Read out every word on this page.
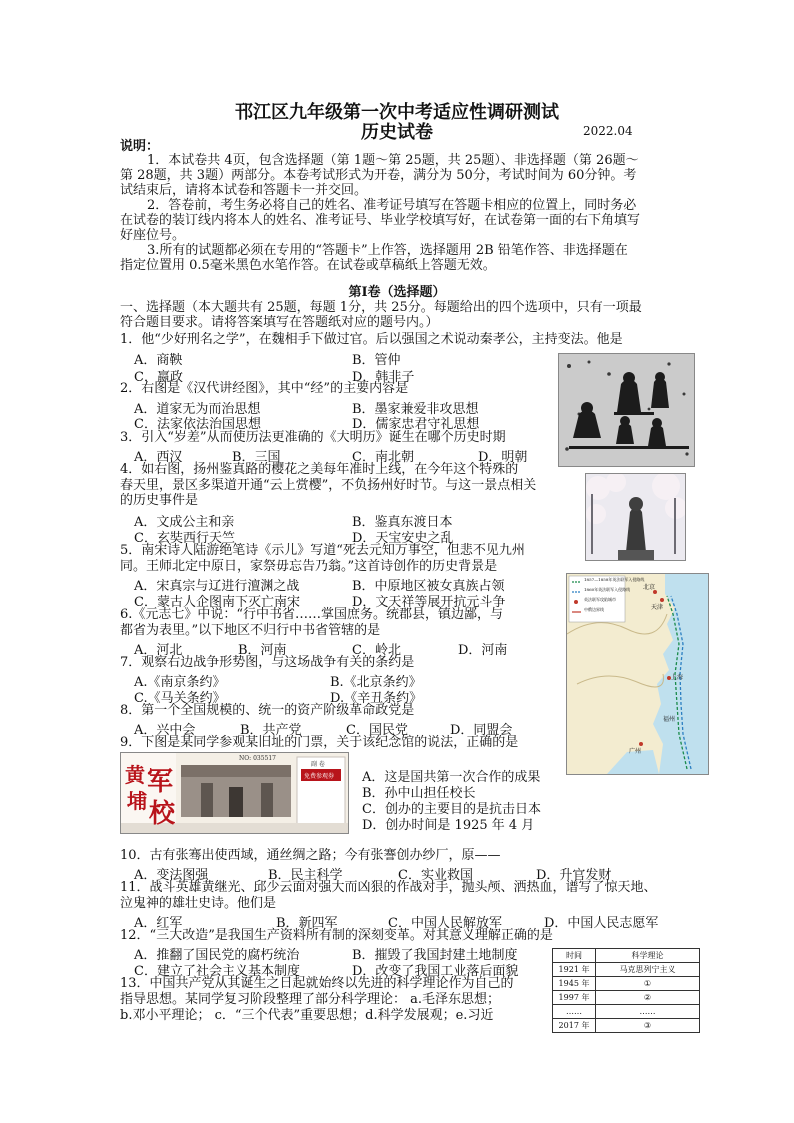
邗江区九年级第一次中考适应性调研测试
历史试卷	2022.04
说明：
1．本试卷共 4页，包含选择题（第 1题～第 25题，共 25题）、非选择题（第 26题～
第 28题，共 3题）两部分。本卷考试形式为开卷，满分为 50分，考试时间为 60分钟。考
试结束后，请将本试卷和答题卡一并交回。
2．答卷前，考生务必将自己的姓名、准考证号填写在答题卡相应的位置上，同时务必
在试卷的装订线内将本人的姓名、准考证号、毕业学校填写好，在试卷第一面的右下角填写
好座位号。
3.所有的试题都必须在专用的“答题卡”上作答，选择题用 2B 铅笔作答、非选择题在
指定位置用 0.5毫米黑色水笔作答。在试卷或草稿纸上答题无效。
第Ⅰ卷（选择题）
一、选择题（本大题共有 25题，每题 1分，共 25分。每题给出的四个选项中，只有一项最
符合题目要求。请将答案填写在答题纸对应的题号内。）
1．他“少好刑名之学”，在魏相手下做过官。后以强国之术说动秦孝公，主持变法。他是
A．商鞅	B．管仲
C．嬴政	D．韩非子
2．右图是《汉代讲经图》，其中“经”的主要内容是
A．道家无为而治思想	B．墨家兼爱非攻思想
C．法家依法治国思想	D．儒家忠君守礼思想
3．引入“岁差”从而使历法更准确的《大明历》诞生在哪个历史时期
A．西汉	B．三国	C．南北朝	D．明朝
4．如右图，扬州鉴真路的樱花之美每年准时上线，在今年这个特殊的
春天里，景区多渠道开通“云上赏樱”，不负扬州好时节。与这一景点相关
的历史事件是
A．文成公主和亲	B．鉴真东渡日本
C．玄奘西行天竺	D．天宝安史之乱
5．南宋诗人陆游绝笔诗《示儿》写道“死去元知万事空，但悲不见九州
同。王师北定中原日，家祭毋忘告乃翁。”这首诗创作的历史背景是
A．宋真宗与辽进行澶渊之战	B．中原地区被女真族占领
C．蒙古人企图南下灭亡南宋	D．文天祥等展开抗元斗争
6.《元志七》中说：“行中书省……掌国庶务。统郡县，镇边鄙，与
都省为表里。”以下地区不归行中书省管辖的是
A．河北	B．河南	C．岭北	D．河南
7．观察右边战争形势图，与这场战争有关的条约是
A.《南京条约》	B.《北京条约》
C.《马关条约》	D.《辛丑条约》
8．第一个全国规模的、统一的资产阶级革命政党是
A．兴中会	B．共产党	C．国民党	D．同盟会
9．下图是某同学参观某旧址的门票，关于该纪念馆的说法，正确的是
A．这是国共第一次合作的成果
B．孙中山担任校长
C．创办的主要目的是抗击日本
D．创办时间是 1925 年 4 月
10．古有张骞出使西域，通丝绸之路；今有张謇创办纱厂，原——
A．变法图强	B．民主科学	C．实业救国	D．升官发财
11．战斗英雄黄继光、邱少云面对强大而凶狠的作战对手，抛头颅、洒热血，谱写了惊天地、
泣鬼神的雄壮史诗。他们是
A．红军	B．新四军	C．中国人民解放军	D．中国人民志愿军
12．“三大改造”是我国生产资料所有制的深刻变革。对其意义理解正确的是
A．推翻了国民党的腐朽统治	B．摧毁了我国封建土地制度
C．建立了社会主义基本制度	D．改变了我国工业落后面貌
13．中国共产党从其诞生之日起就始终以先进的科学理论作为自己的
指导思想。某同学复习阶段整理了部分科学理论： a.毛泽东思想；
b.邓小平理论； c．“三个代表”重要思想；d.科学发展观；e.习近
1857—1858年英法联军入侵路线
1860年英法联军入侵路线
英法联军攻陷城市
中俄边界线
北京
天津
上海
广州
福州
黄
埔
军
校
NO: 035517
副 卷
免费参观券
时间	科学理论
1921 年	马克思列宁主义
1945 年	①
1997 年	②
……	……
2017 年	③
